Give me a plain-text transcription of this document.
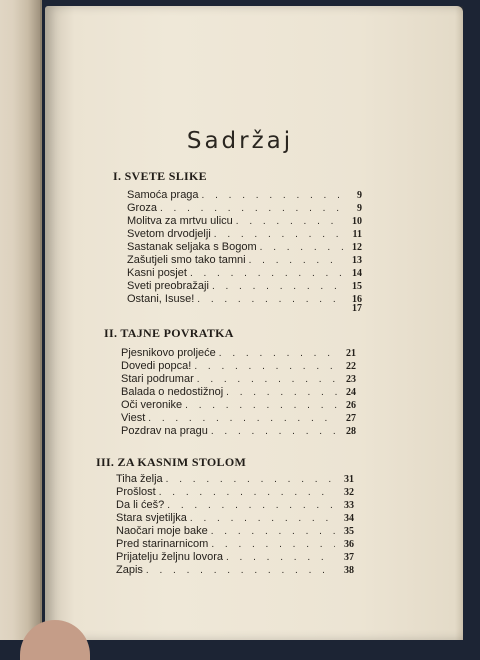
Sadržaj
I. SVETE SLIKE
Samoća praga . . .	9
Groza . . .	9
Molitva za mrtvu ulicu . . .	10
Svetom drvodjelji . . .	11
Sastanak seljaka s Bogom . . .	12
Zašutjeli smo tako tamni . . .	13
Kasni posjet . . .	14
Sveti preobražaji . . .	15
Ostani, Isuse! . . .	16
17
II. TAJNE POVRATKA
Pjesnikovo proljeće . . .	21
Dovedi popca! . . .	22
Stari podrumar . . .	23
Balada o nedostižnoj . . .	24
Oči veronike . . .	26
Viest . . .	27
Pozdrav na pragu . . .	28
III. ZA KASNIM STOLOM
Tiha želja . . .	31
Prošlost . . .	32
Da li ćeš? . . .	33
Stara svjetiljka . . .	34
Naočari moje bake . . .	35
Pred starinarnicom . . .	36
Prijatelju željnu lovora . . .	37
Zapis . . .	38
